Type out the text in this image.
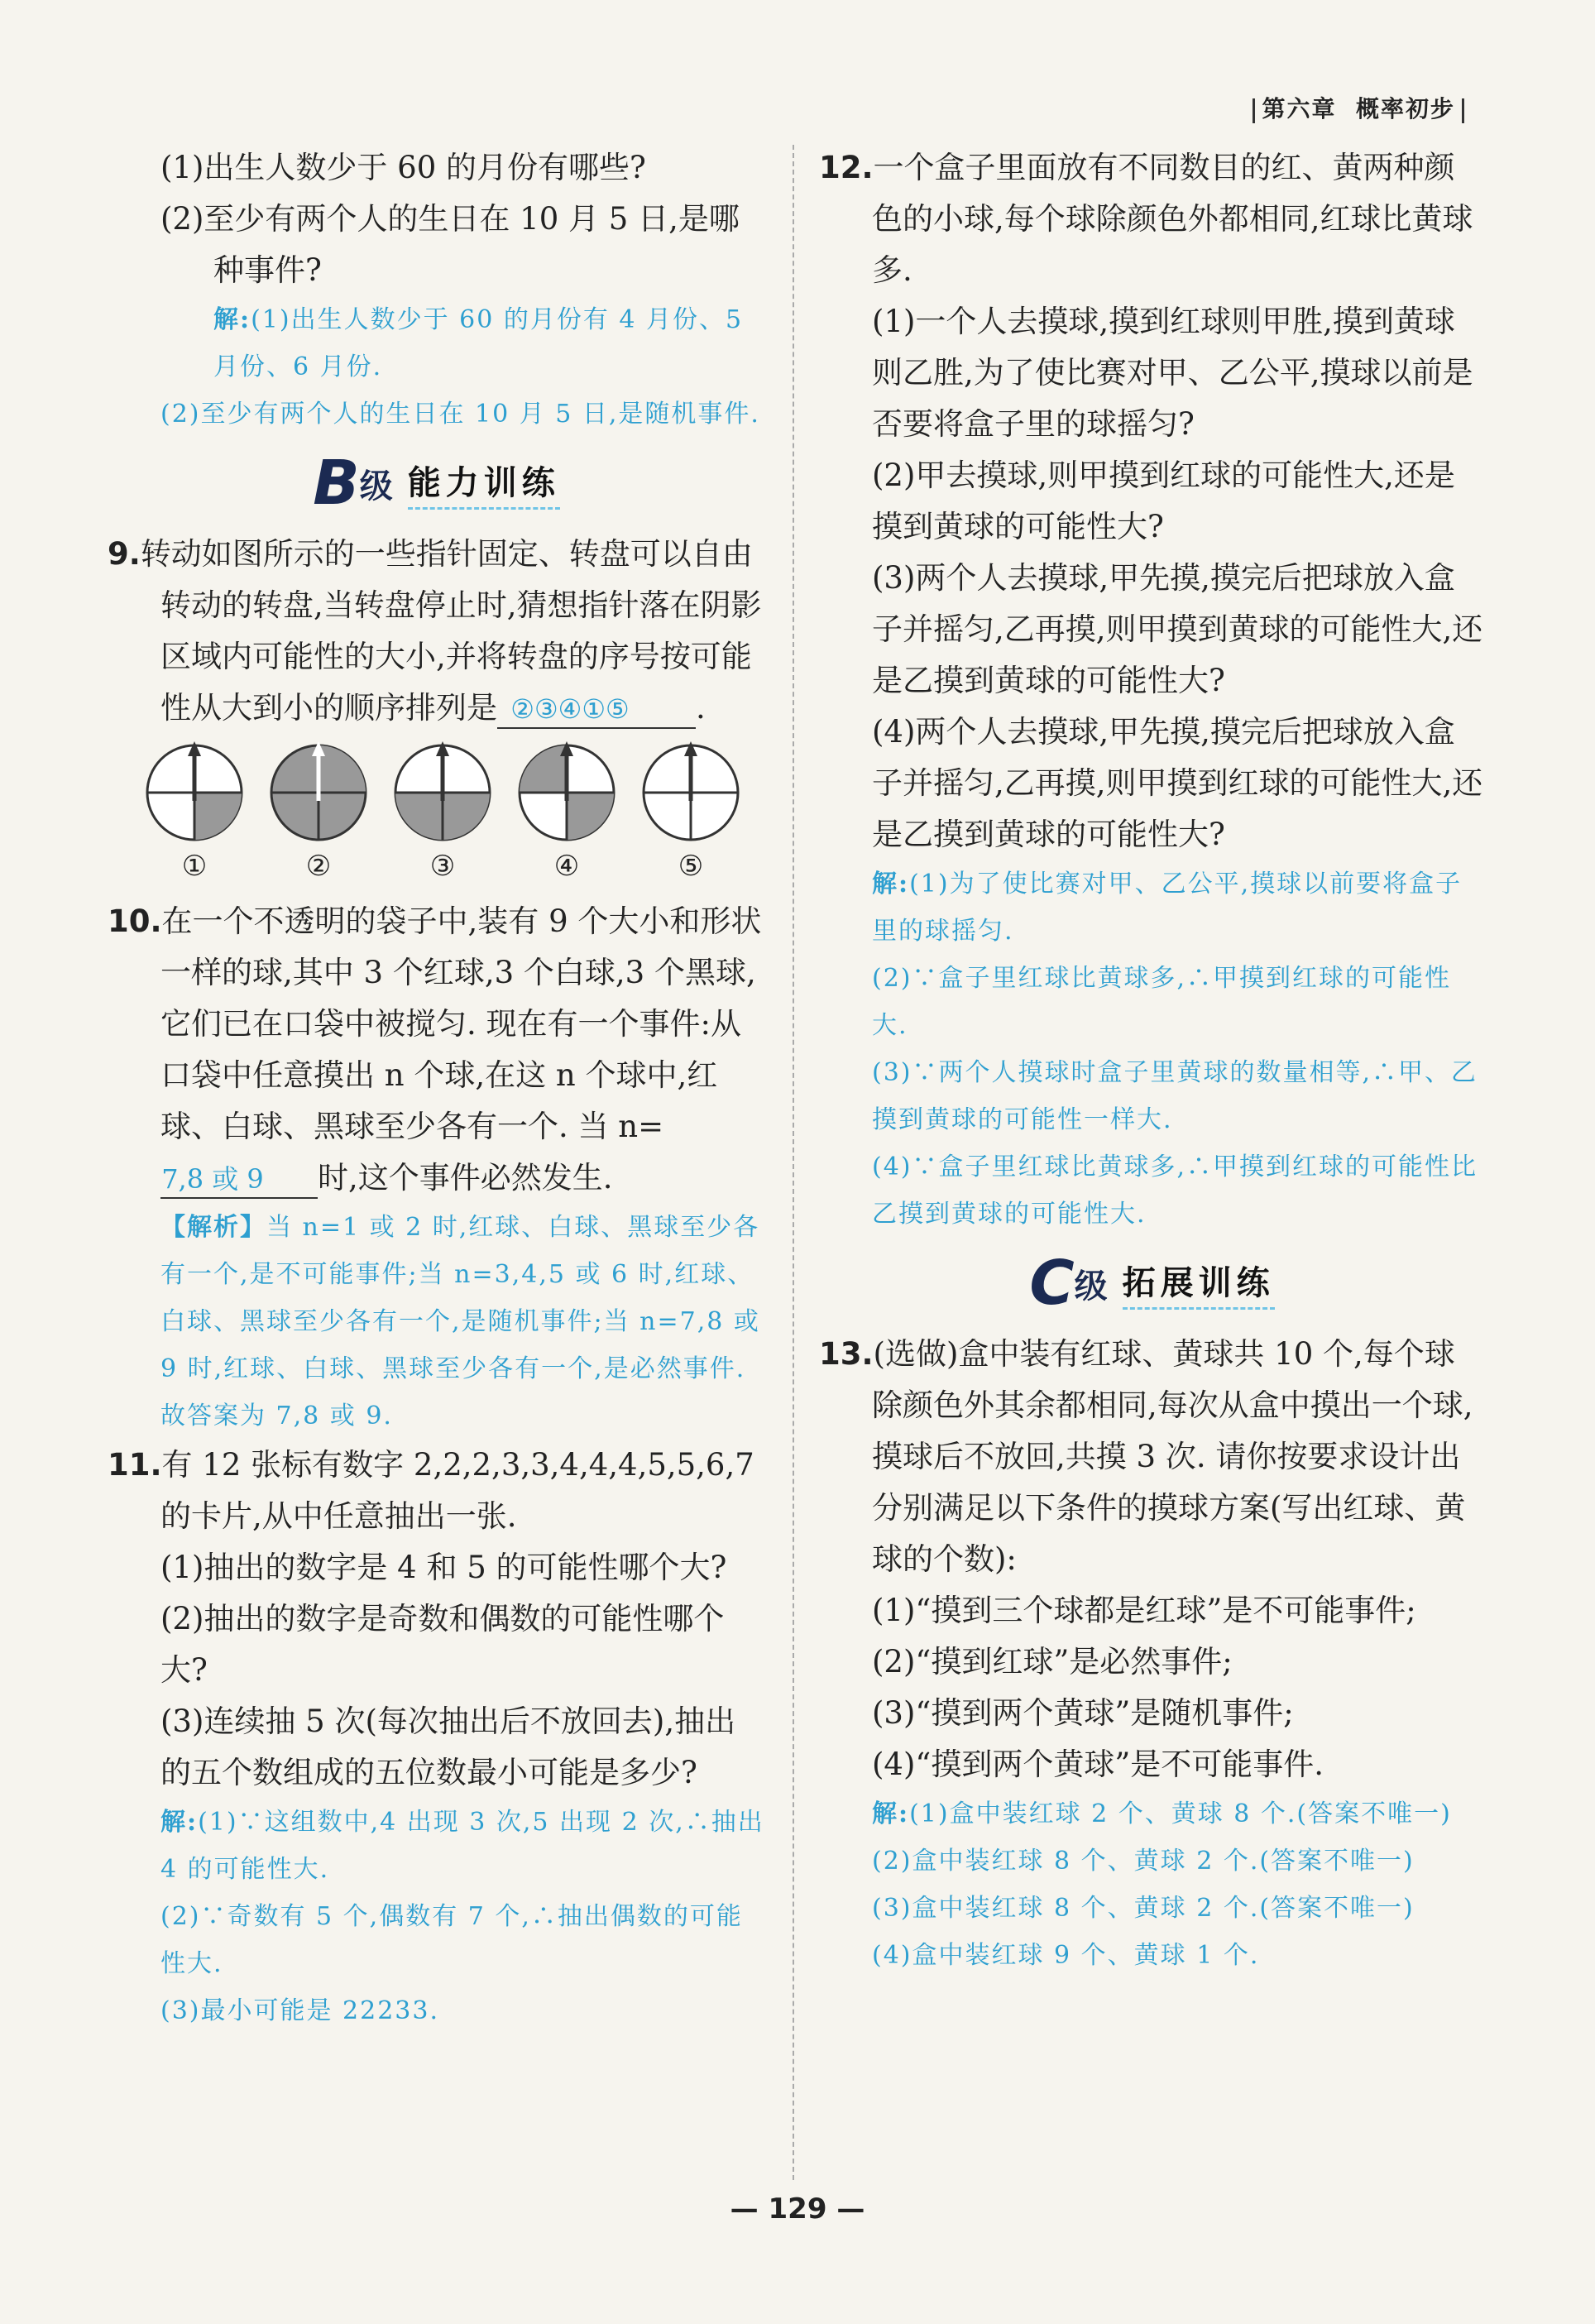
第六章 概率初步

(1)出生人数少于 60 的月份有哪些?

(2)至少有两个人的生日在 10 月 5 日,是哪种事件?

解:(1)出生人数少于 60 的月份有 4 月份、5 月份、6 月份.

(2)至少有两个人的生日在 10 月 5 日,是随机事件.

B 级 能力训练

9.转动如图所示的一些指针固定、转盘可以自由转动的转盘,当转盘停止时,猜想指针落在阴影区域内可能性的大小,并将转盘的序号按可能性从大到小的顺序排列是 ②③④①⑤ .

①	②	③	④	⑤

10.在一个不透明的袋子中,装有 9 个大小和形状一样的球,其中 3 个红球,3 个白球,3 个黑球,它们已在口袋中被搅匀. 现在有一个事件:从口袋中任意摸出 n 个球,在这 n 个球中,红球、白球、黑球至少各有一个. 当 n=7,8 或 9 时,这个事件必然发生.

【解析】当 n=1 或 2 时,红球、白球、黑球至少各有一个,是不可能事件;当 n=3,4,5 或 6 时,红球、白球、黑球至少各有一个,是随机事件;当 n=7,8 或 9 时,红球、白球、黑球至少各有一个,是必然事件. 故答案为 7,8 或 9.

11.有 12 张标有数字 2,2,2,3,3,4,4,4,5,5,6,7 的卡片,从中任意抽出一张.

(1)抽出的数字是 4 和 5 的可能性哪个大?

(2)抽出的数字是奇数和偶数的可能性哪个大?

(3)连续抽 5 次(每次抽出后不放回去),抽出的五个数组成的五位数最小可能是多少?

解:(1)∵这组数中,4 出现 3 次,5 出现 2 次,∴抽出 4 的可能性大.

(2)∵奇数有 5 个,偶数有 7 个,∴抽出偶数的可能性大.

(3)最小可能是 22233.

12.一个盒子里面放有不同数目的红、黄两种颜色的小球,每个球除颜色外都相同,红球比黄球多.

(1)一个人去摸球,摸到红球则甲胜,摸到黄球则乙胜,为了使比赛对甲、乙公平,摸球以前是否要将盒子里的球摇匀?

(2)甲去摸球,则甲摸到红球的可能性大,还是摸到黄球的可能性大?

(3)两个人去摸球,甲先摸,摸完后把球放入盒子并摇匀,乙再摸,则甲摸到黄球的可能性大,还是乙摸到黄球的可能性大?

(4)两个人去摸球,甲先摸,摸完后把球放入盒子并摇匀,乙再摸,则甲摸到红球的可能性大,还是乙摸到黄球的可能性大?

解:(1)为了使比赛对甲、乙公平,摸球以前要将盒子里的球摇匀.

(2)∵盒子里红球比黄球多,∴甲摸到红球的可能性大.

(3)∵两个人摸球时盒子里黄球的数量相等,∴甲、乙摸到黄球的可能性一样大.

(4)∵盒子里红球比黄球多,∴甲摸到红球的可能性比乙摸到黄球的可能性大.

C 级 拓展训练

13.(选做)盒中装有红球、黄球共 10 个,每个球除颜色外其余都相同,每次从盒中摸出一个球,摸球后不放回,共摸 3 次. 请你按要求设计出分别满足以下条件的摸球方案(写出红球、黄球的个数):

(1)“摸到三个球都是红球”是不可能事件;

(2)“摸到红球”是必然事件;

(3)“摸到两个黄球”是随机事件;

(4)“摸到两个黄球”是不可能事件.

解:(1)盒中装红球 2 个、黄球 8 个.(答案不唯一)

(2)盒中装红球 8 个、黄球 2 个.(答案不唯一)

(3)盒中装红球 8 个、黄球 2 个.(答案不唯一)

(4)盒中装红球 9 个、黄球 1 个.

— 129 —
